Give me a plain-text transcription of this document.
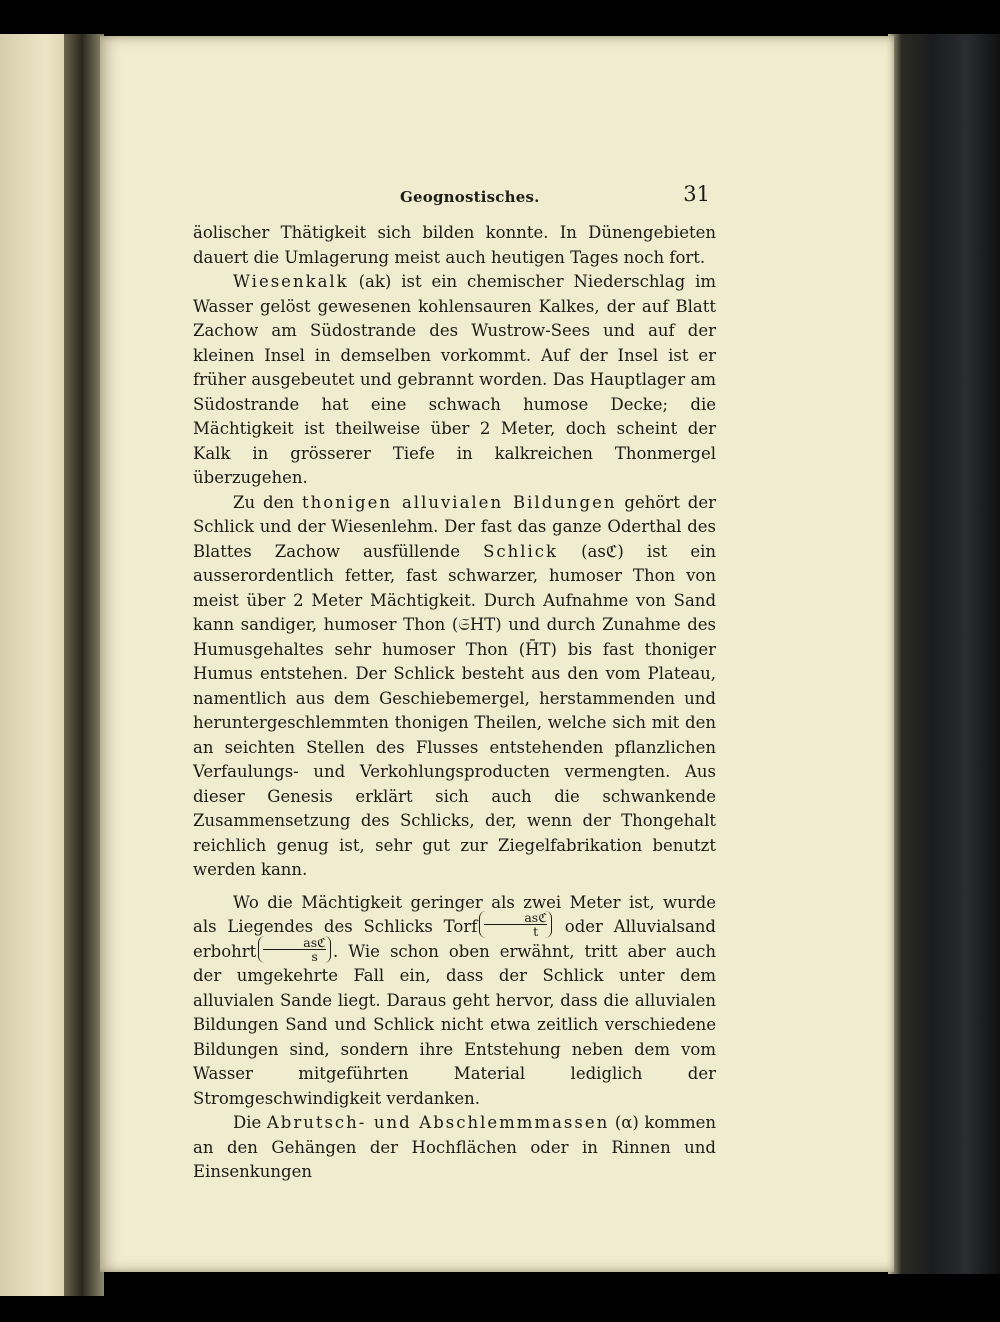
Geognostisches.	31

äolischer Thätigkeit sich bilden konnte. In Dünengebieten dauert die Umlagerung meist auch heutigen Tages noch fort.

Wiesenkalk (ak) ist ein chemischer Niederschlag im Wasser gelöst gewesenen kohlensauren Kalkes, der auf Blatt Zachow am Südostrande des Wustrow-Sees und auf der kleinen Insel in demselben vorkommt. Auf der Insel ist er früher ausgebeutet und gebrannt worden. Das Hauptlager am Südostrande hat eine schwach humose Decke; die Mächtigkeit ist theilweise über 2 Meter, doch scheint der Kalk in grösserer Tiefe in kalkreichen Thonmergel überzugehen.

Zu den thonigen alluvialen Bildungen gehört der Schlick und der Wiesenlehm. Der fast das ganze Oderthal des Blattes Zachow ausfüllende Schlick (asℭ) ist ein ausserordentlich fetter, fast schwarzer, humoser Thon von meist über 2 Meter Mächtigkeit. Durch Aufnahme von Sand kann sandiger, humoser Thon (𝔖HT) und durch Zunahme des Humusgehaltes sehr humoser Thon (H̄T) bis fast thoniger Humus entstehen. Der Schlick besteht aus den vom Plateau, namentlich aus dem Geschiebemergel, herstammenden und heruntergeschlemmten thonigen Theilen, welche sich mit den an seichten Stellen des Flusses entstehenden pflanzlichen Verfaulungs- und Verkohlungsproducten vermengten. Aus dieser Genesis erklärt sich auch die schwankende Zusammensetzung des Schlicks, der, wenn der Thongehalt reichlich genug ist, sehr gut zur Ziegelfabrikation benutzt werden kann.

Wo die Mächtigkeit geringer als zwei Meter ist, wurde als Liegendes des Schlicks Torf $\frac{\text{asℭ}}{t}$ oder Alluvialsand erbohrt $\frac{\text{asℭ}}{s}$ . Wie schon oben erwähnt, tritt aber auch der umgekehrte Fall ein, dass der Schlick unter dem alluvialen Sande liegt. Daraus geht hervor, dass die alluvialen Bildungen Sand und Schlick nicht etwa zeitlich verschiedene Bildungen sind, sondern ihre Entstehung neben dem vom Wasser mitgeführten Material lediglich der Stromgeschwindigkeit verdanken.

Die Abrutsch- und Abschlemmmassen (α) kommen an den Gehängen der Hochflächen oder in Rinnen und Einsenkungen
